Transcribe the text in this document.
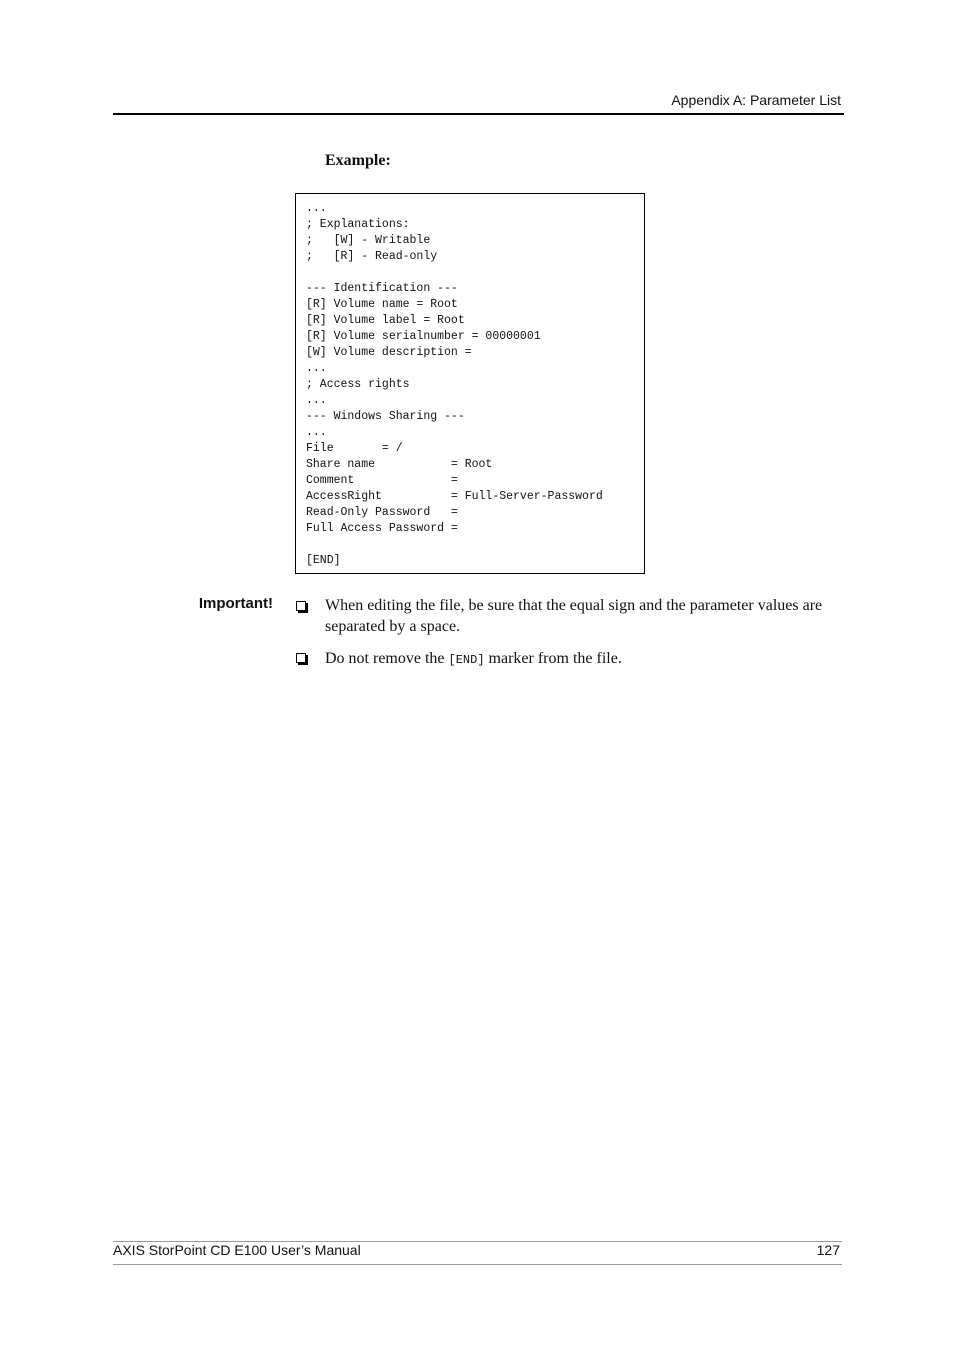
Appendix A: Parameter List
Example:
...
; Explanations:
;   [W] - Writable
;   [R] - Read-only
--- Identification ---
[R] Volume name = Root
[R] Volume label = Root
[R] Volume serialnumber = 00000001
[W] Volume description =
...
; Access rights
...
--- Windows Sharing ---
...
File       = /
Share name           = Root
Comment              =
AccessRight          = Full-Server-Password
Read-Only Password   =
Full Access Password =
[END]
Important!	When editing the file, be sure that the equal sign and the parameter values are separated by a space.
Do not remove the [END] marker from the file.
AXIS StorPoint CD E100 User’s Manual	127
